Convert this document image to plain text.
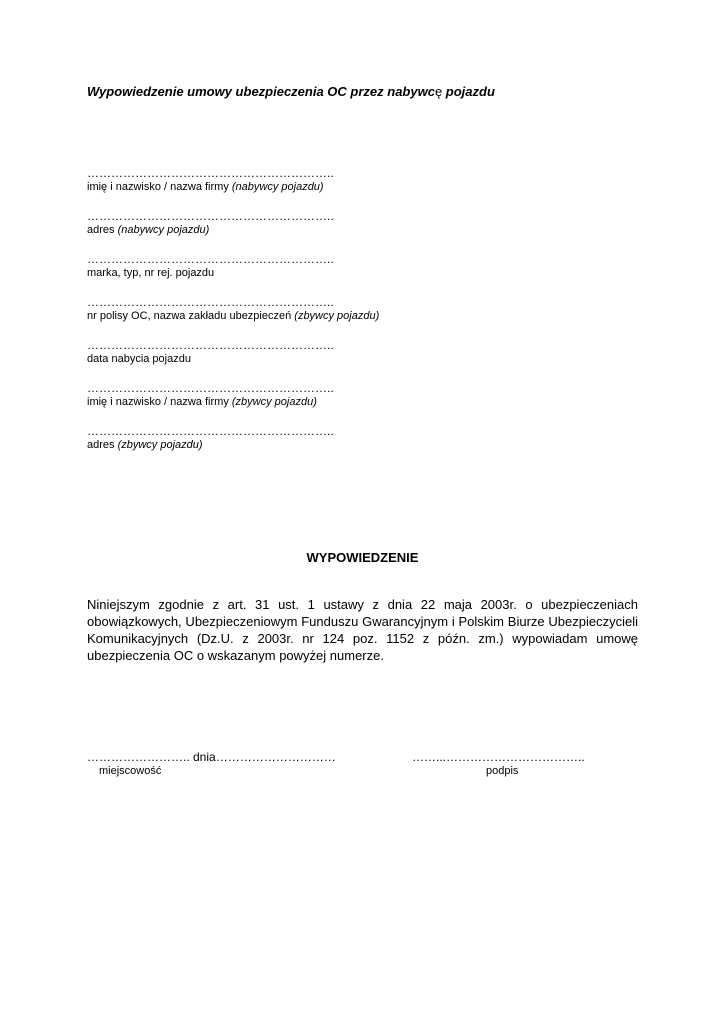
Wypowiedzenie umowy ubezpieczenia OC przez nabywcę pojazdu
……………………………………………………..
imię i nazwisko / nazwa firmy (nabywcy pojazdu)
……………………………………………………..
adres (nabywcy pojazdu)
……………………………………………………..
marka, typ, nr rej. pojazdu
……………………………………………………..
nr polisy OC, nazwa zakładu ubezpieczeń (zbywcy pojazdu)
……………………………………………………..
data nabycia pojazdu
……………………………………………………..
imię i nazwisko / nazwa firmy (zbywcy pojazdu)
……………………………………………………..
adres (zbywcy pojazdu)
WYPOWIEDZENIE

Niniejszym zgodnie z art. 31 ust. 1 ustawy z dnia 22 maja 2003r. o ubezpieczeniach obowiązkowych, Ubezpieczeniowym Funduszu Gwarancyjnym i Polskim Biurze Ubezpieczycieli Komunikacyjnych (Dz.U. z 2003r. nr 124 poz. 1152 z późn. zm.) wypowiadam umowę ubezpieczenia OC o wskazanym powyżej numerze.

…………………….. dnia…………………………	……...……………………………..
miejscowość	podpis
